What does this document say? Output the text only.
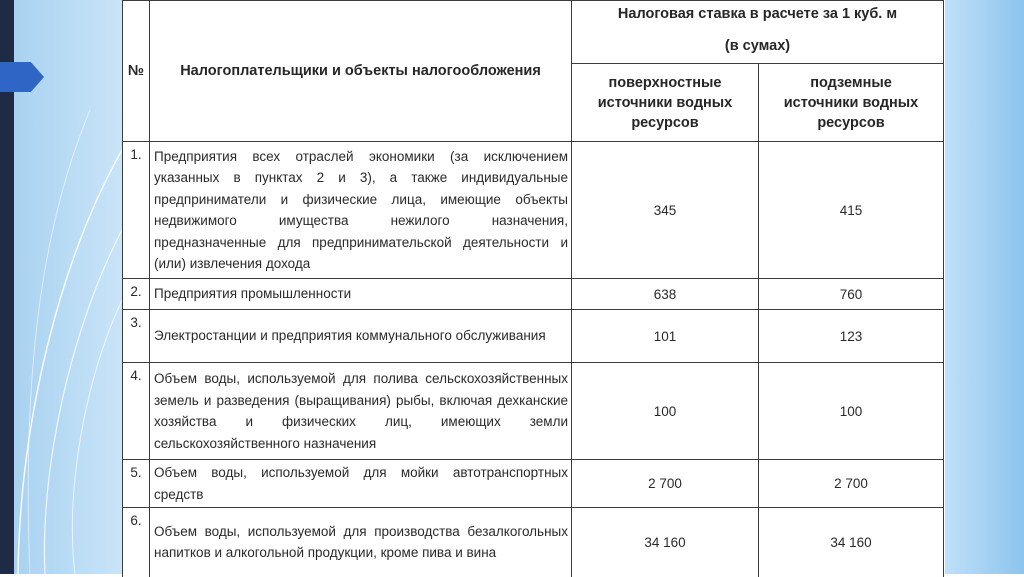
№	Налогоплательщики и объекты налогообложения	Налоговая ставка в расчете за 1 куб. м
(в сумах)	

		поверхностные источники водных ресурсов	подземные источники водных ресурсов
1.	Предприятия всех отраслей экономики (за исключением указанных в пунктах 2 и 3), а также индивидуальные предприниматели и физические лица, имеющие объекты недвижимого имущества нежилого назначения, предназначенные для предпринимательской деятельности и (или) извлечения дохода	345	415
2.	Предприятия промышленности	638	760
3.	Электростанции и предприятия коммунального обслуживания	101	123
4.	Объем воды, используемой для полива сельскохозяйственных земель и разведения (выращивания) рыбы, включая дехканские хозяйства и физических лиц, имеющих земли сельскохозяйственного назначения	100	100
5.	Объем воды, используемой для мойки автотранспортных средств	2 700	2 700
6.	Объем воды, используемой для производства безалкогольных напитков и алкогольной продукции, кроме пива и вина	34 160	34 160
